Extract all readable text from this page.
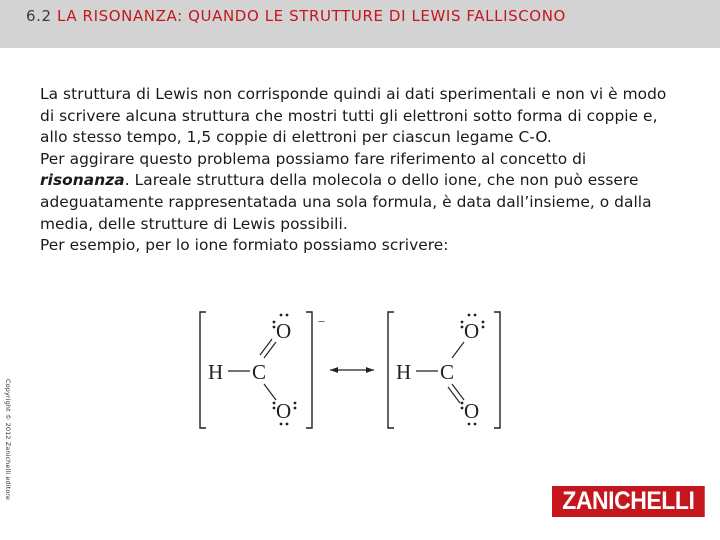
6.2 LA RISONANZA: QUANDO LE STRUTTURE DI LEWIS FALLISCONO

La struttura di Lewis non corrisponde quindi ai dati sperimentali e non vi è modo di scrivere alcuna struttura che mostri tutti gli elettroni sotto forma di coppie e, allo stesso tempo, 1,5 coppie di elettroni per ciascun legame C-O.

Per aggirare questo problema possiamo fare riferimento al concetto di risonanza. Lareale struttura della molecola o dello ione, che non può essere adeguatamente rappresentatada una sola formula, è data dall’insieme, o dalla media, delle strutture di Lewis possibili.

Per esempio, per lo ione formiato possiamo scrivere:

Copyright © 2012 Zanichelli editore
−
H C
O
O
H C
O
O
ZANICHELLI
